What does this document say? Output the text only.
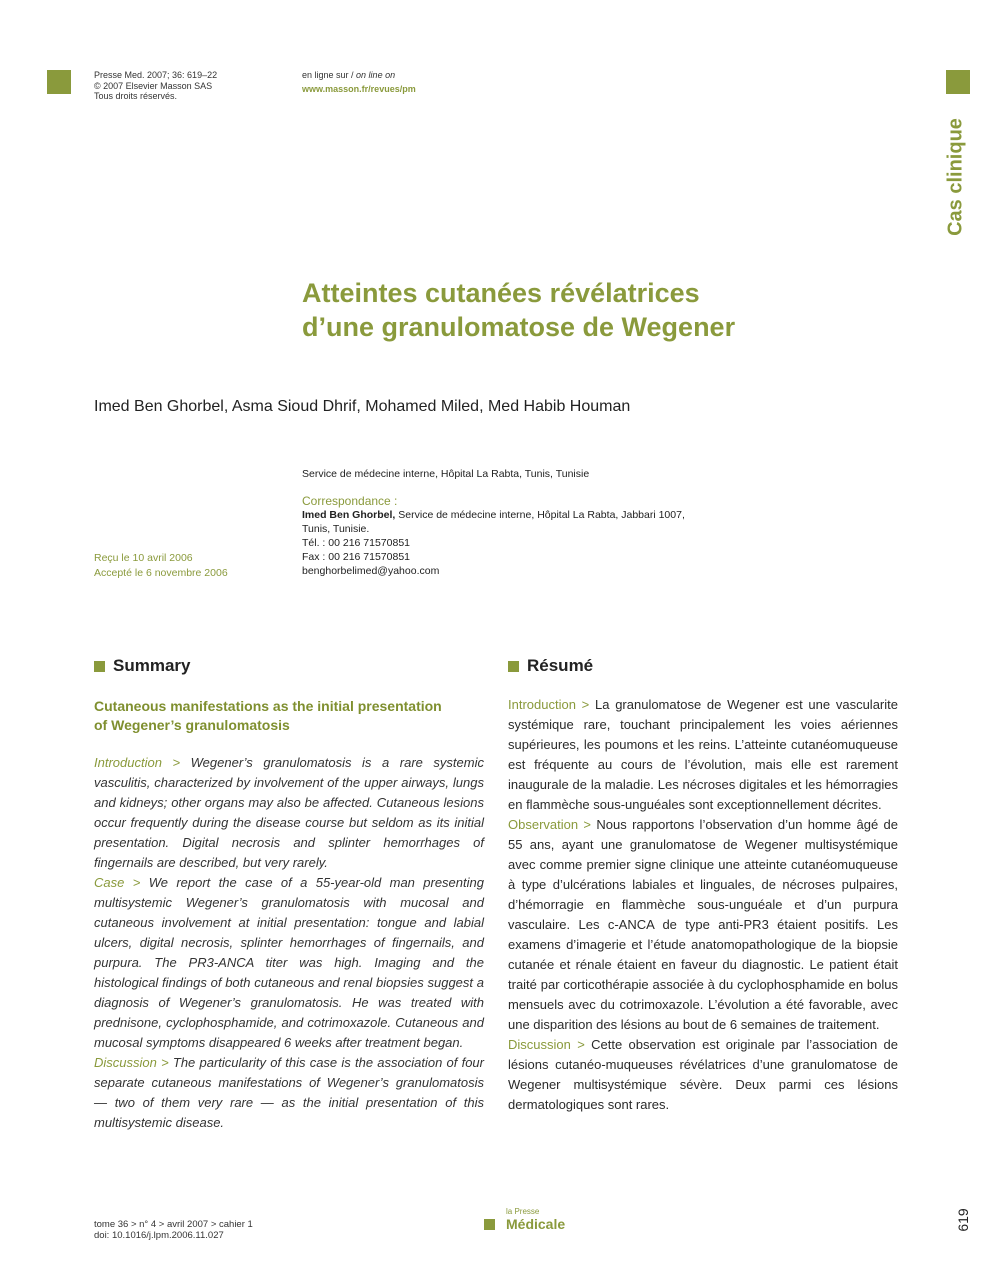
Presse Med. 2007; 36: 619–22
© 2007 Elsevier Masson SAS
Tous droits réservés.
en ligne sur / on line on
www.masson.fr/revues/pm
Cas clinique
Atteintes cutanées révélatrices
d’une granulomatose de Wegener
Imed Ben Ghorbel, Asma Sioud Dhrif, Mohamed Miled, Med Habib Houman
Service de médecine interne, Hôpital La Rabta, Tunis, Tunisie
Correspondance :
Imed Ben Ghorbel, Service de médecine interne, Hôpital La Rabta, Jabbari 1007,
Tunis, Tunisie.
Tél. : 00 216 71570851
Fax : 00 216 71570851
benghorbelimed@yahoo.com
Reçu le 10 avril 2006
Accepté le 6 novembre 2006
Summary
Cutaneous manifestations as the initial presentation
of Wegener’s granulomatosis
Introduction > Wegener’s granulomatosis is a rare systemic vasculitis, characterized by involvement of the upper airways, lungs and kidneys; other organs may also be affected. Cutaneous lesions occur frequently during the disease course but seldom as its initial presentation. Digital necrosis and splinter hemorrhages of fingernails are described, but very rarely.
Case > We report the case of a 55-year-old man presenting multisystemic Wegener’s granulomatosis with mucosal and cutaneous involvement at initial presentation: tongue and labial ulcers, digital necrosis, splinter hemorrhages of fingernails, and purpura. The PR3-ANCA titer was high. Imaging and the histological findings of both cutaneous and renal biopsies suggest a diagnosis of Wegener’s granulomatosis. He was treated with prednisone, cyclophosphamide, and cotrimoxazole. Cutaneous and mucosal symptoms disappeared 6 weeks after treatment began.
Discussion > The particularity of this case is the association of four separate cutaneous manifestations of Wegener’s granulomatosis — two of them very rare — as the initial presentation of this multisystemic disease.
Résumé
Introduction > La granulomatose de Wegener est une vascularite systémique rare, touchant principalement les voies aériennes supérieures, les poumons et les reins. L’atteinte cutanéomuqueuse est fréquente au cours de l’évolution, mais elle est rarement inaugurale de la maladie. Les nécroses digitales et les hémorragies en flammèche sous-unguéales sont exceptionnellement décrites.
Observation > Nous rapportons l’observation d’un homme âgé de 55 ans, ayant une granulomatose de Wegener multisystémique avec comme premier signe clinique une atteinte cutanéomuqueuse à type d’ulcérations labiales et linguales, de nécroses pulpaires, d’hémorragie en flammèche sous-unguéale et d’un purpura vasculaire. Les c-ANCA de type anti-PR3 étaient positifs. Les examens d’imagerie et l’étude anatomopathologique de la biopsie cutanée et rénale étaient en faveur du diagnostic. Le patient était traité par corticothérapie associée à du cyclophosphamide en bolus mensuels avec du cotrimoxazole. L’évolution a été favorable, avec une disparition des lésions au bout de 6 semaines de traitement.
Discussion > Cette observation est originale par l’association de lésions cutanéo-muqueuses révélatrices d’une granulomatose de Wegener multisystémique sévère. Deux parmi ces lésions dermatologiques sont rares.
tome 36 > n° 4 > avril 2007 > cahier 1
doi: 10.1016/j.lpm.2006.11.027
la Presse
Médicale	619
